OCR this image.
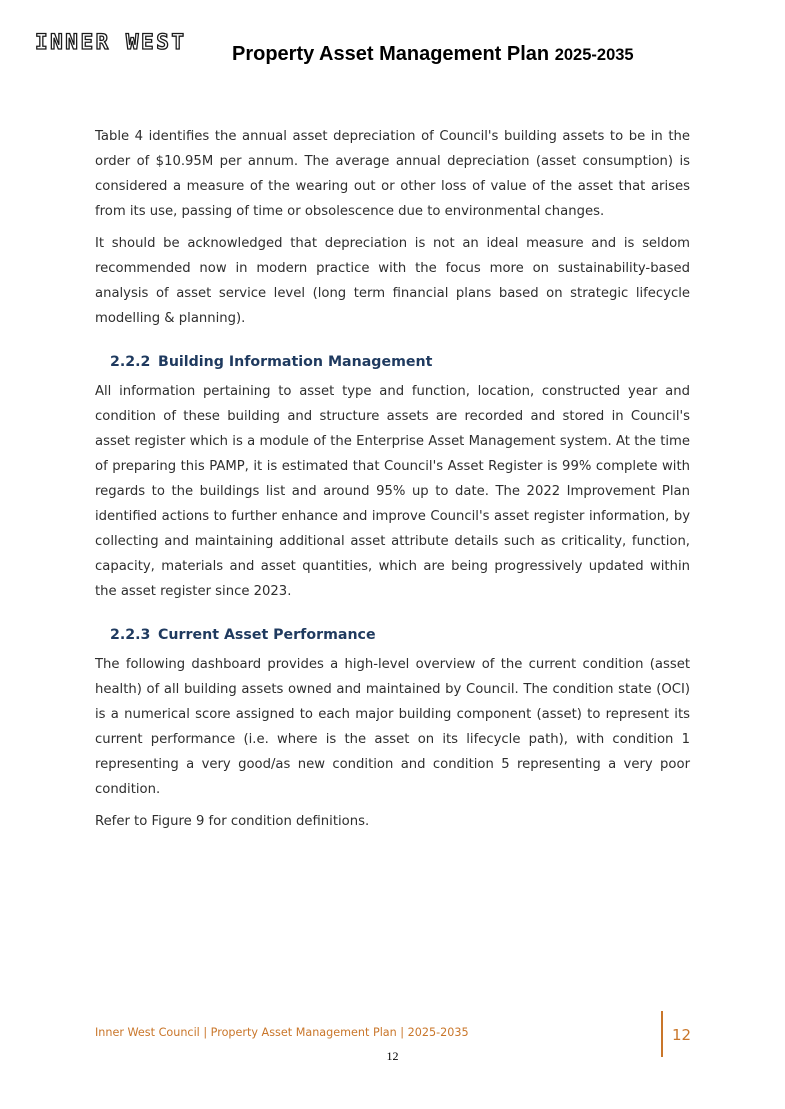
INNER WEST Property Asset Management Plan 2025-2035

Table 4 identifies the annual asset depreciation of Council's building assets to be in the order of $10.95M per annum. The average annual depreciation (asset consumption) is considered a measure of the wearing out or other loss of value of the asset that arises from its use, passing of time or obsolescence due to environmental changes.

It should be acknowledged that depreciation is not an ideal measure and is seldom recommended now in modern practice with the focus more on sustainability-based analysis of asset service level (long term financial plans based on strategic lifecycle modelling & planning).

2.2.2 Building Information Management

All information pertaining to asset type and function, location, constructed year and condition of these building and structure assets are recorded and stored in Council's asset register which is a module of the Enterprise Asset Management system. At the time of preparing this PAMP, it is estimated that Council's Asset Register is 99% complete with regards to the buildings list and around 95% up to date. The 2022 Improvement Plan identified actions to further enhance and improve Council's asset register information, by collecting and maintaining additional asset attribute details such as criticality, function, capacity, materials and asset quantities, which are being progressively updated within the asset register since 2023.

2.2.3 Current Asset Performance

The following dashboard provides a high-level overview of the current condition (asset health) of all building assets owned and maintained by Council. The condition state (OCI) is a numerical score assigned to each major building component (asset) to represent its current performance (i.e. where is the asset on its lifecycle path), with condition 1 representing a very good/as new condition and condition 5 representing a very poor condition.

Refer to Figure 9 for condition definitions.

Inner West Council | Property Asset Management Plan | 2025-2035	12
12
